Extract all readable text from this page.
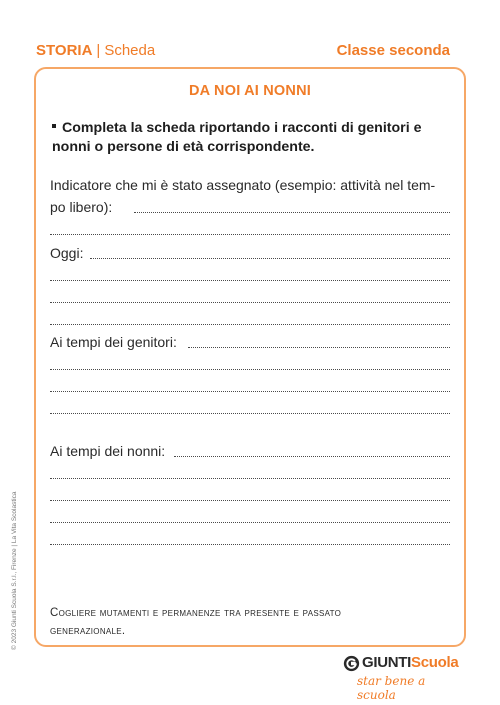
STORIA | Scheda	Classe seconda
DA NOI AI NONNI
Completa la scheda riportando i racconti di genitori e nonni o persone di età corrispondente.
Indicatore che mi è stato assegnato (esempio: attività nel tem-
po libero):
Oggi:
Ai tempi dei genitori:
Ai tempi dei nonni:
Cogliere mutamenti e permanenze tra presente e passato
generazionale.
© 2023 Giunti Scuola S.r.l., Firenze | La Vita Scolastica
GIUNTIScuola
star bene a scuola
